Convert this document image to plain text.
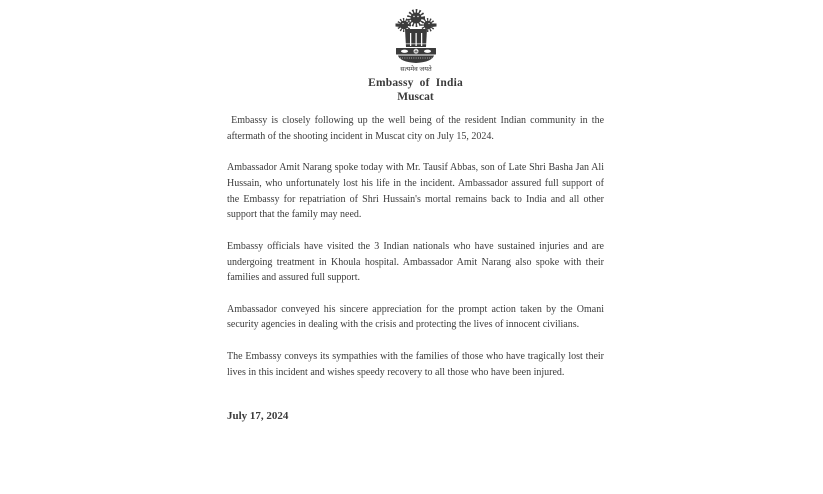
सत्यमेव जयते
Embassy of India
Muscat

Embassy is closely following up the well being of the resident Indian community in the aftermath of the shooting incident in Muscat city on July 15, 2024.

Ambassador Amit Narang spoke today with Mr. Tausif Abbas, son of Late Shri Basha Jan Ali Hussain, who unfortunately lost his life in the incident. Ambassador assured full support of the Embassy for repatriation of Shri Hussain's mortal remains back to India and all other support that the family may need.

Embassy officials have visited the 3 Indian nationals who have sustained injuries and are undergoing treatment in Khoula hospital. Ambassador Amit Narang also spoke with their families and assured full support.

Ambassador conveyed his sincere appreciation for the prompt action taken by the Omani security agencies in dealing with the crisis and protecting the lives of innocent civilians.

The Embassy conveys its sympathies with the families of those who have tragically lost their lives in this incident and wishes speedy recovery to all those who have been injured.

July 17, 2024
